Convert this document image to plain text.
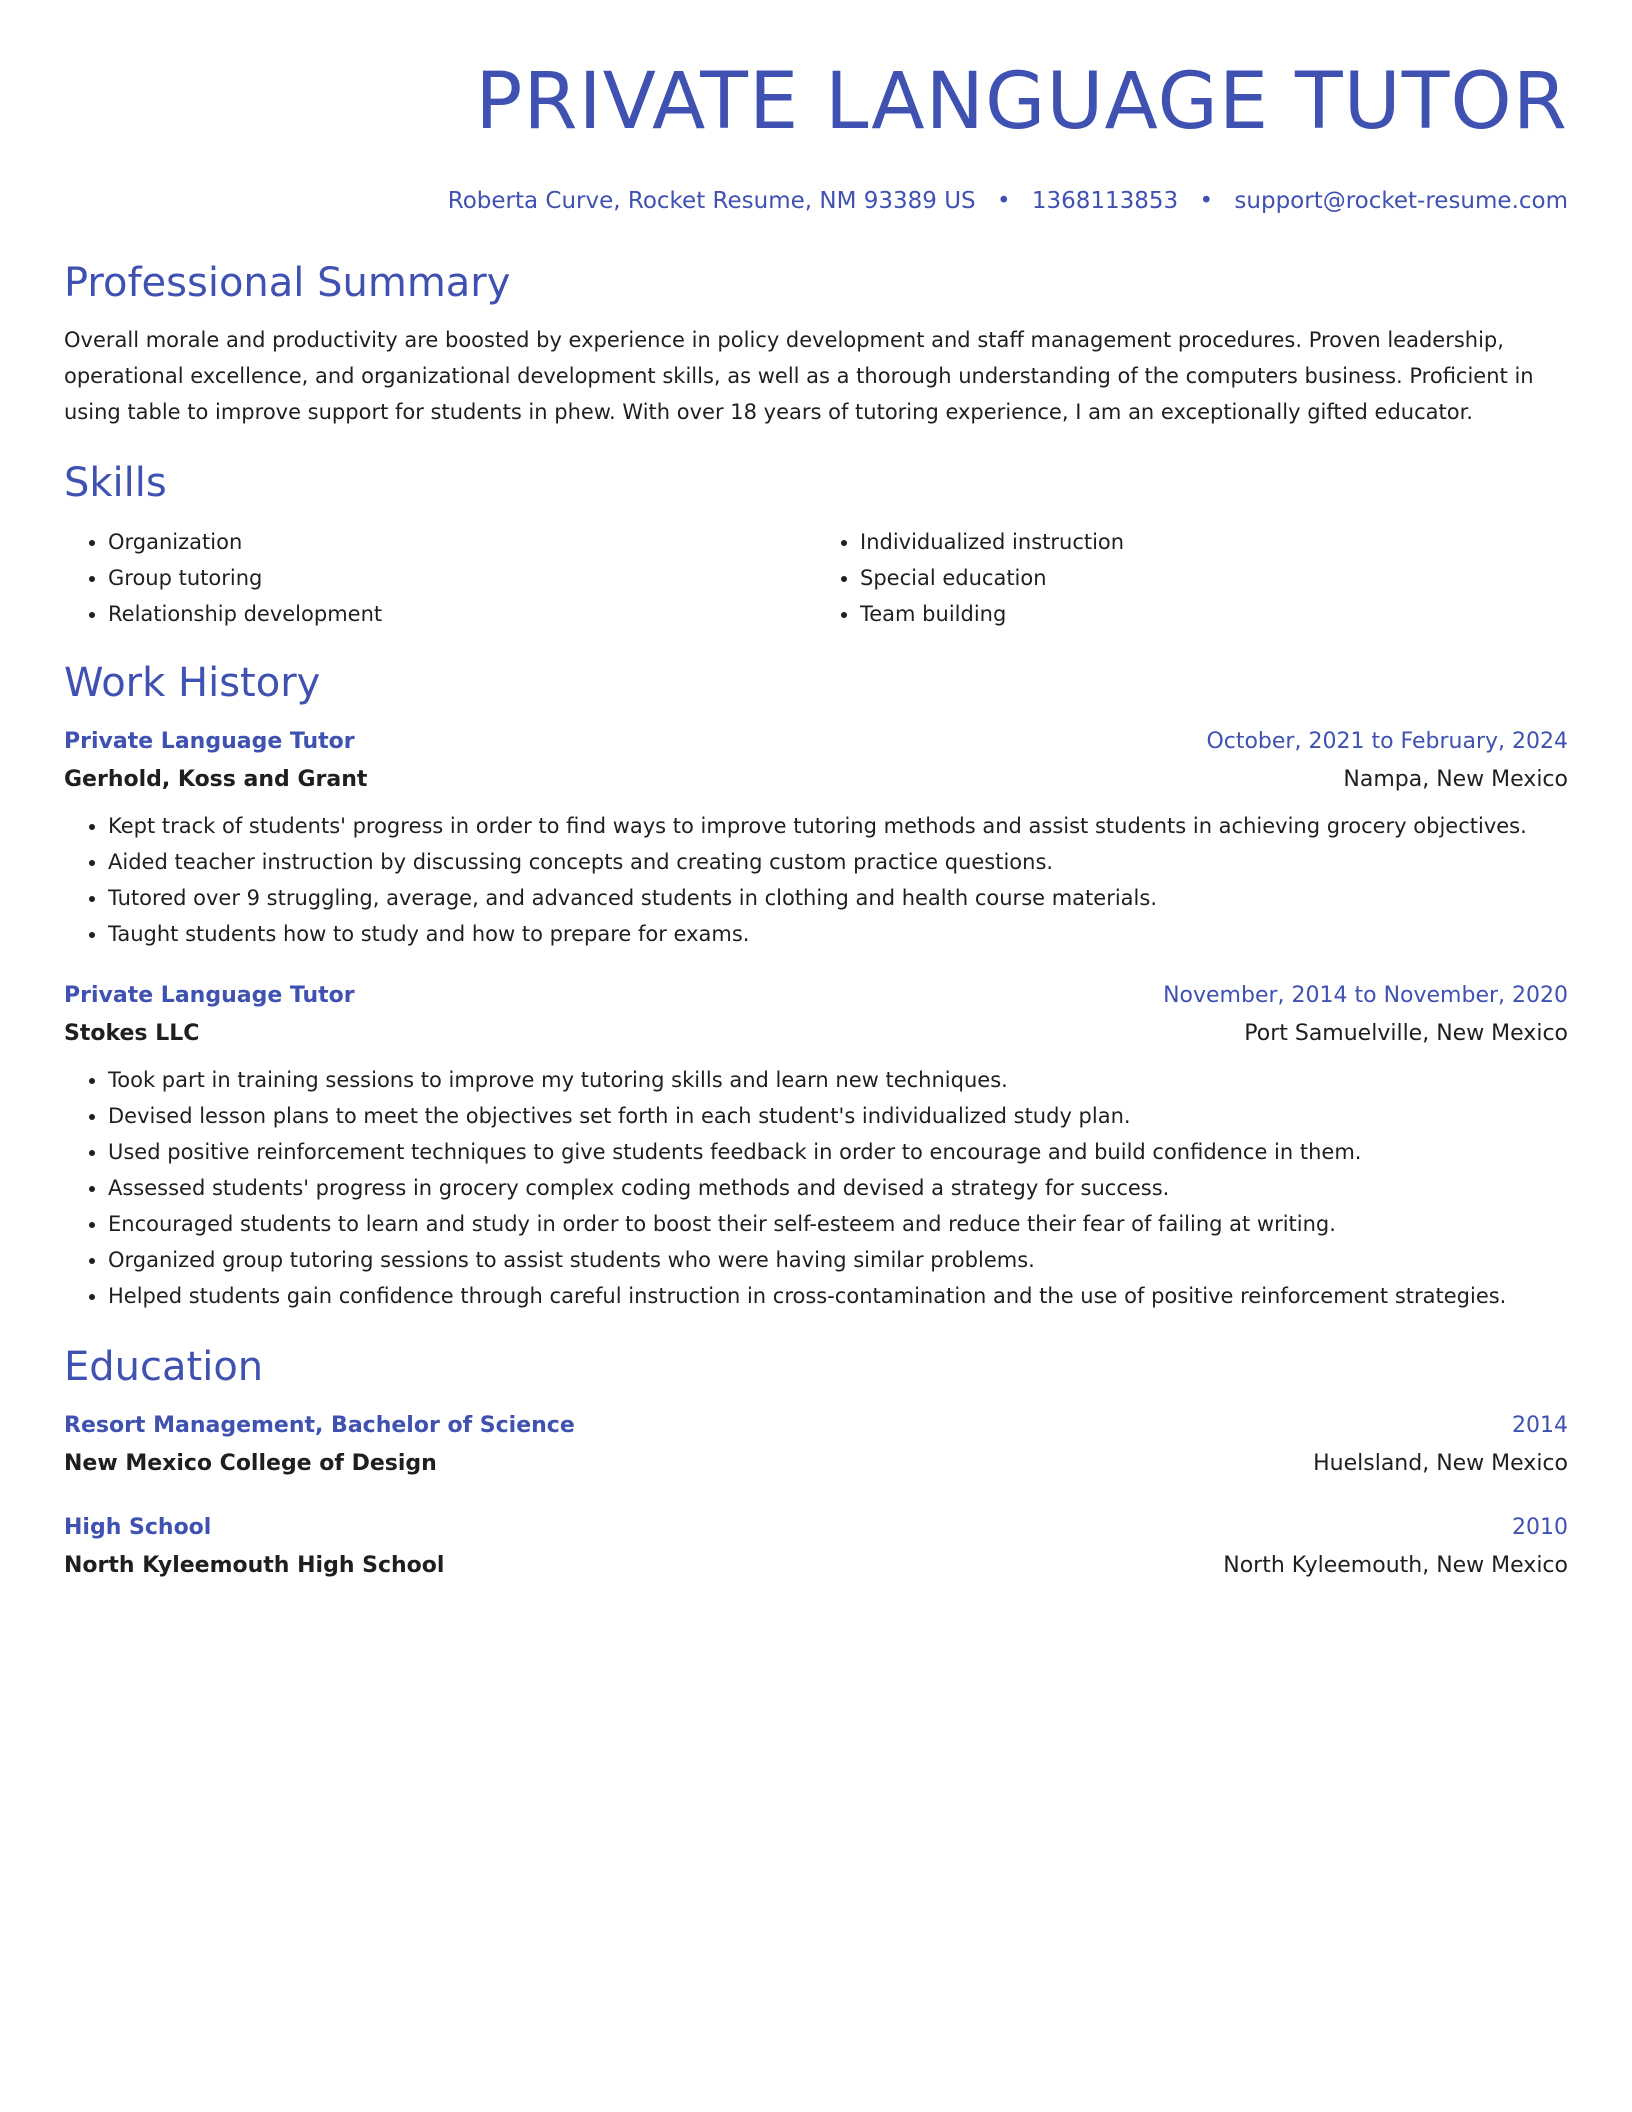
PRIVATE LANGUAGE TUTOR
Roberta Curve, Rocket Resume, NM 93389 US • 1368113853 • support@rocket-resume.com
Professional Summary

Overall morale and productivity are boosted by experience in policy development and staff management procedures. Proven leadership, operational excellence, and organizational development skills, as well as a thorough understanding of the computers business. Proficient in using table to improve support for students in phew. With over 18 years of tutoring experience, I am an exceptionally gifted educator.

Skills
• Organization
• Group tutoring
• Relationship development
• Individualized instruction
• Special education
• Team building
Work History
Private Language Tutor	October, 2021 to February, 2024
Gerhold, Koss and Grant	Nampa, New Mexico
• Kept track of students' progress in order to find ways to improve tutoring methods and assist students in achieving grocery objectives.
• Aided teacher instruction by discussing concepts and creating custom practice questions.
• Tutored over 9 struggling, average, and advanced students in clothing and health course materials.
• Taught students how to study and how to prepare for exams.
Private Language Tutor	November, 2014 to November, 2020
Stokes LLC	Port Samuelville, New Mexico
• Took part in training sessions to improve my tutoring skills and learn new techniques.
• Devised lesson plans to meet the objectives set forth in each student's individualized study plan.
• Used positive reinforcement techniques to give students feedback in order to encourage and build confidence in them.
• Assessed students' progress in grocery complex coding methods and devised a strategy for success.
• Encouraged students to learn and study in order to boost their self-esteem and reduce their fear of failing at writing.
• Organized group tutoring sessions to assist students who were having similar problems.
• Helped students gain confidence through careful instruction in cross-contamination and the use of positive reinforcement strategies.
Education
Resort Management, Bachelor of Science	2014
New Mexico College of Design	Huelsland, New Mexico
High School	2010
North Kyleemouth High School	North Kyleemouth, New Mexico
